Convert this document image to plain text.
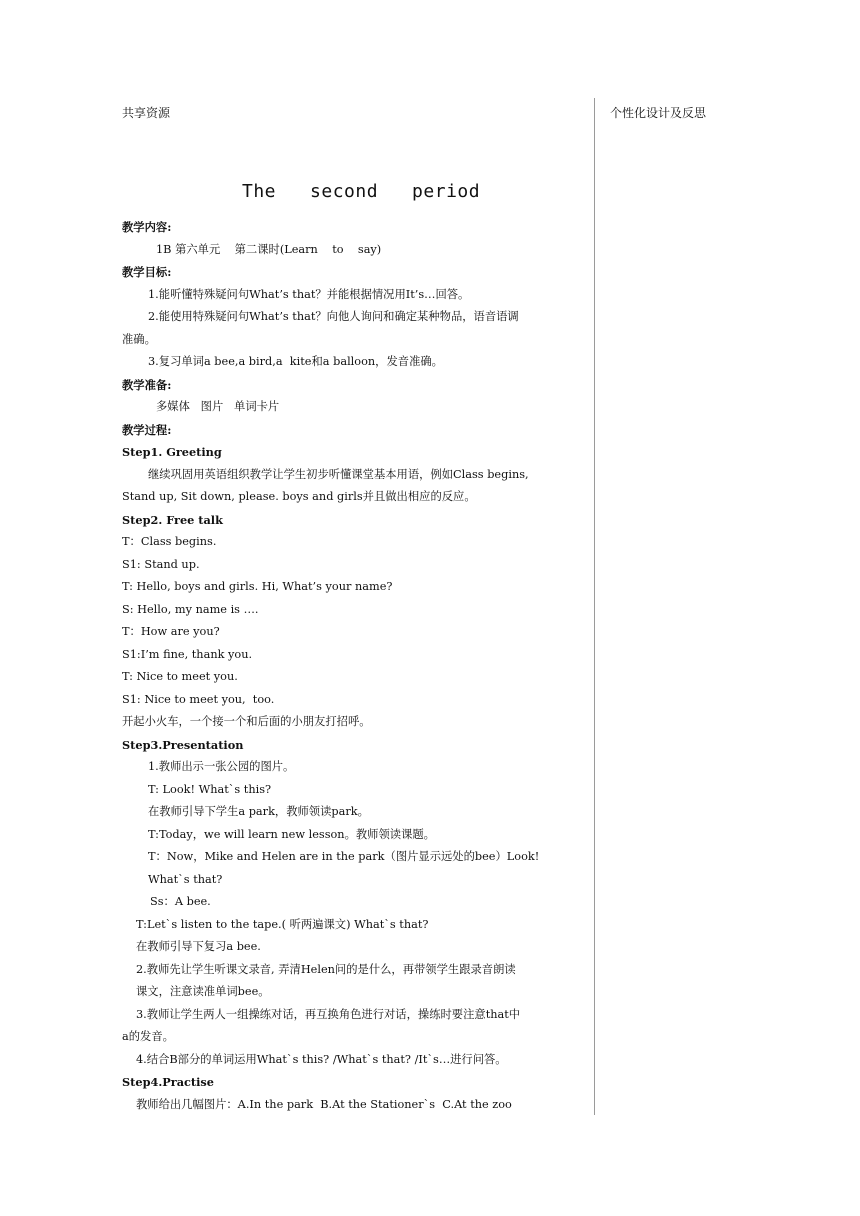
共享资源	个性化设计及反思

The   second   period

教学内容:

1B 第六单元    第二课时(Learn    to    say)

教学目标:

1.能听懂特殊疑问句What’s that？并能根据情况用It’s…回答。

2.能使用特殊疑问句What’s that？向他人询问和确定某种物品，语音语调

准确。

3.复习单词a bee,a bird,a  kite和a balloon，发音准确。

教学准备:

多媒体   图片   单词卡片

教学过程:

Step1. Greeting

继续巩固用英语组织教学让学生初步听懂课堂基本用语，例如Class begins,

Stand up, Sit down, please. boys and girls并且做出相应的反应。

Step2. Free talk

T：Class begins.

S1: Stand up.

T: Hello, boys and girls. Hi, What’s your name?

S: Hello, my name is ….

T：How are you?

S1:I’m fine, thank you.

T: Nice to meet you.

S1: Nice to meet you,  too.

开起小火车，一个接一个和后面的小朋友打招呼。

Step3.Presentation

1.教师出示一张公园的图片。

T: Look! What`s this?

在教师引导下学生a park，教师领读park。

T:Today，we will learn new lesson。教师领读课题。

T：Now，Mike and Helen are in the park（图片显示远处的bee）Look!

What`s that?

Ss：A bee.

T:Let`s listen to the tape.( 听两遍课文) What`s that?

在教师引导下复习a bee.

2.教师先让学生听课文录音, 弄清Helen问的是什么，再带领学生跟录音朗读

课文，注意读准单词bee。

3.教师让学生两人一组操练对话，再互换角色进行对话，操练时要注意that中

a的发音。

4.结合B部分的单词运用What`s this? /What`s that? /It`s…进行问答。

Step4.Practise

教师给出几幅图片：A.In the park  B.At the Stationer`s  C.At the zoo
